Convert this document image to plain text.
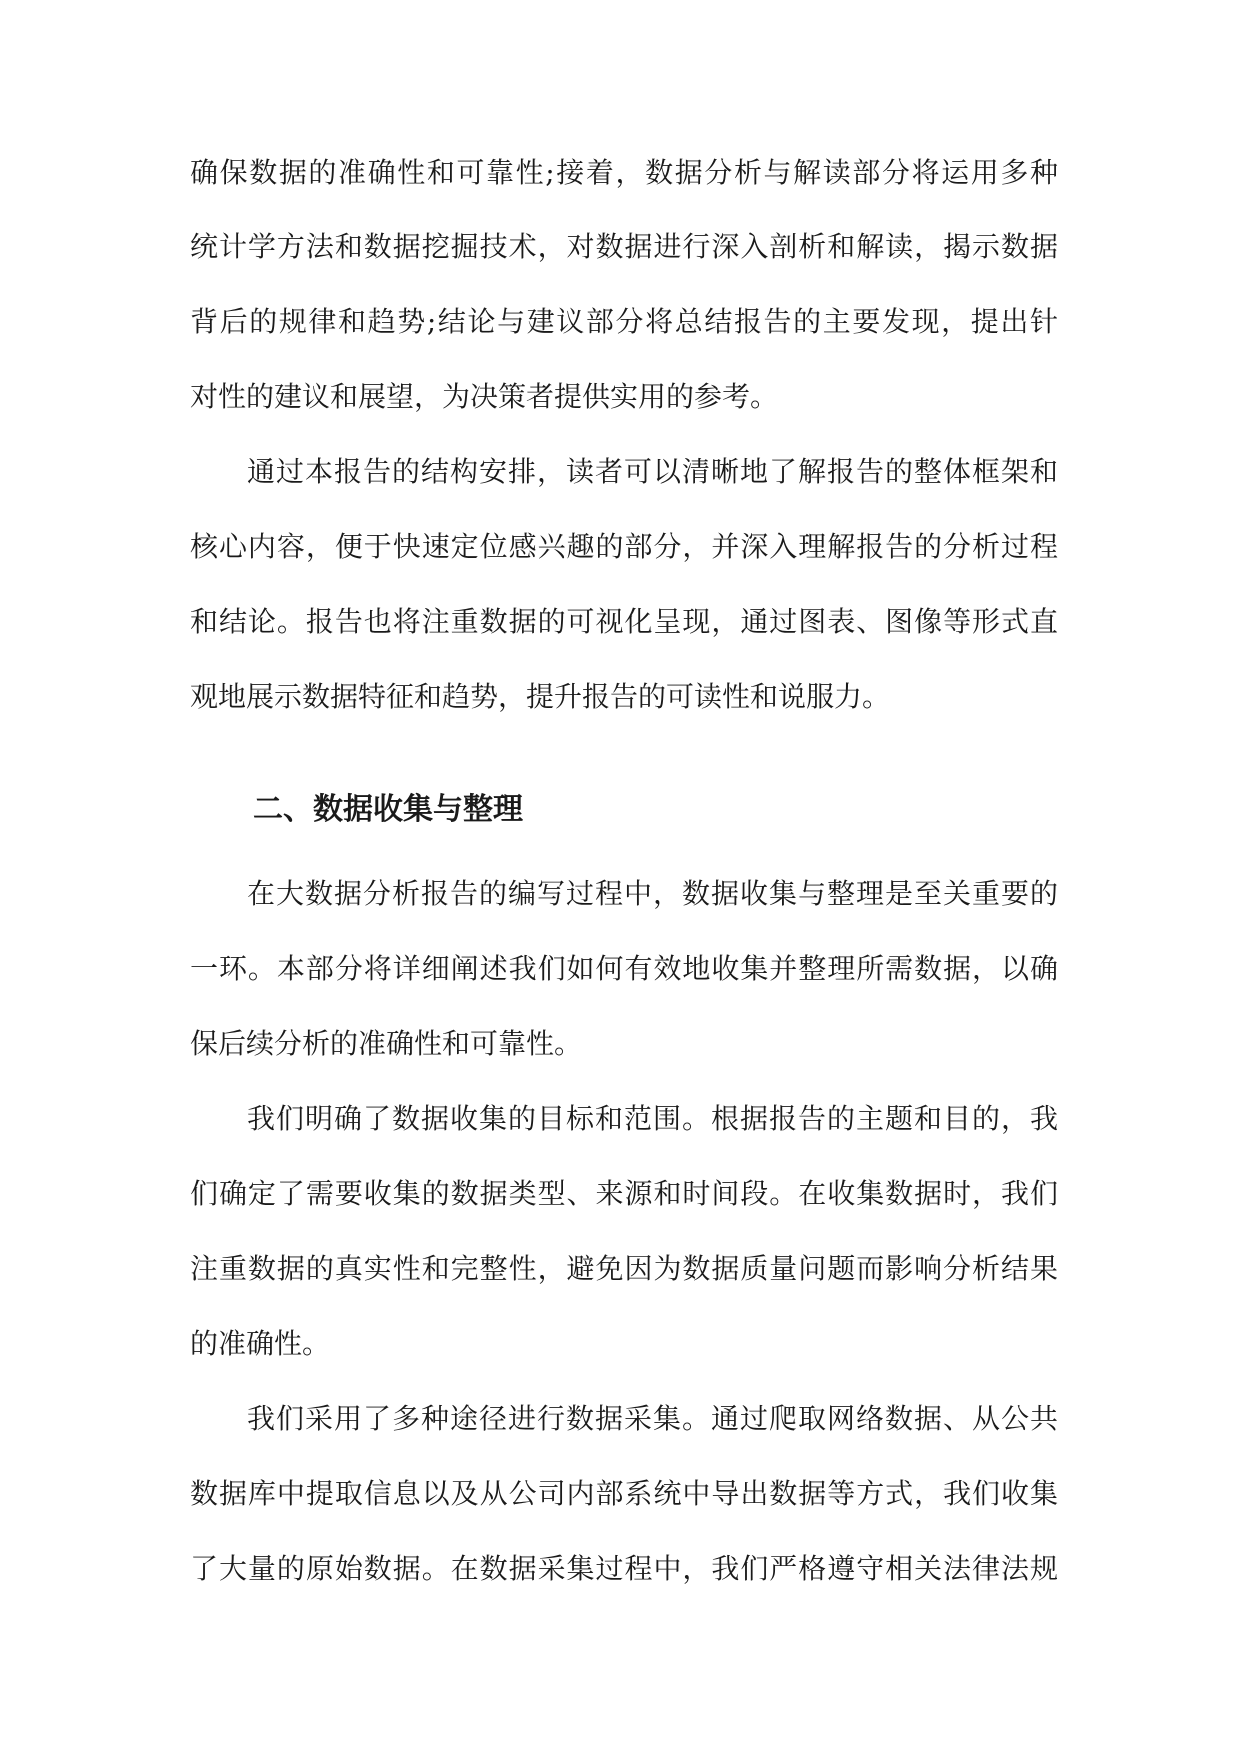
确保数据的准确性和可靠性;接着，数据分析与解读部分将运用多种
统计学方法和数据挖掘技术，对数据进行深入剖析和解读，揭示数据
背后的规律和趋势;结论与建议部分将总结报告的主要发现，提出针
对性的建议和展望，为决策者提供实用的参考。
通过本报告的结构安排，读者可以清晰地了解报告的整体框架和
核心内容，便于快速定位感兴趣的部分，并深入理解报告的分析过程
和结论。报告也将注重数据的可视化呈现，通过图表、图像等形式直
观地展示数据特征和趋势，提升报告的可读性和说服力。
二、数据收集与整理
在大数据分析报告的编写过程中，数据收集与整理是至关重要的
一环。本部分将详细阐述我们如何有效地收集并整理所需数据，以确
保后续分析的准确性和可靠性。
我们明确了数据收集的目标和范围。根据报告的主题和目的，我
们确定了需要收集的数据类型、来源和时间段。在收集数据时，我们
注重数据的真实性和完整性，避免因为数据质量问题而影响分析结果
的准确性。
我们采用了多种途径进行数据采集。通过爬取网络数据、从公共
数据库中提取信息以及从公司内部系统中导出数据等方式，我们收集
了大量的原始数据。在数据采集过程中，我们严格遵守相关法律法规
